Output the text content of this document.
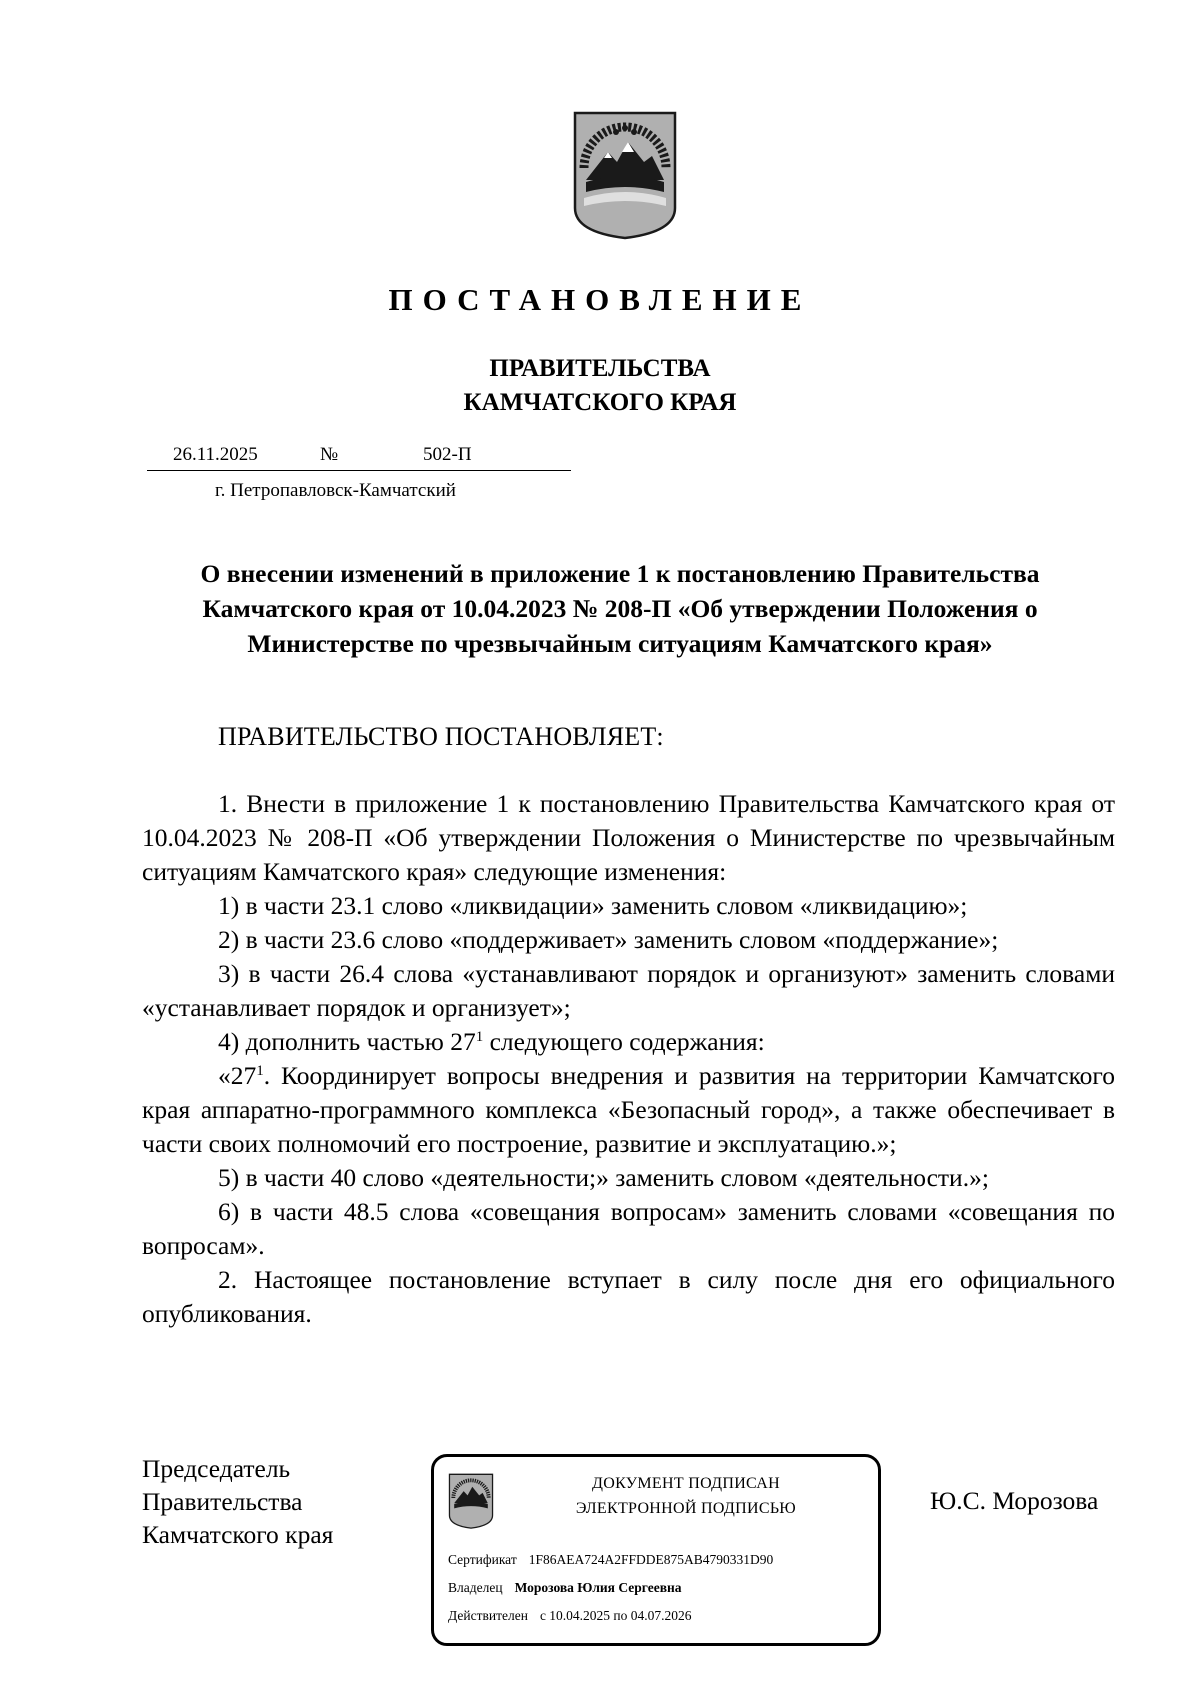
ПОСТАНОВЛЕНИЕ
ПРАВИТЕЛЬСТВА
КАМЧАТСКОГО КРАЯ
26.11.2025	№	502-П
г. Петропавловск-Камчатский
О внесении изменений в приложение 1 к постановлению Правительства Камчатского края от 10.04.2023 № 208-П «Об утверждении Положения о Министерстве по чрезвычайным ситуациям Камчатского края»
ПРАВИТЕЛЬСТВО ПОСТАНОВЛЯЕТ:

1. Внести в приложение 1 к постановлению Правительства Камчатского края от 10.04.2023 № 208-П «Об утверждении Положения о Министерстве по чрезвычайным ситуациям Камчатского края» следующие изменения:

1) в части 23.1 слово «ликвидации» заменить словом «ликвидацию»;

2) в части 23.6 слово «поддерживает» заменить словом «поддержание»;

3) в части 26.4 слова «устанавливают порядок и организуют» заменить словами «устанавливает порядок и организует»;

4) дополнить частью $27^1$ следующего содержания:

«$27^1$. Координирует вопросы внедрения и развития на территории Камчатского края аппаратно-программного комплекса «Безопасный город», а также обеспечивает в части своих полномочий его построение, развитие и эксплуатацию.»;

5) в части 40 слово «деятельности;» заменить словом «деятельности.»;

6) в части 48.5 слова «совещания вопросам» заменить словами «совещания по вопросам».

2. Настоящее постановление вступает в силу после дня его официального опубликования.

Председатель
Правительства
Камчатского края
ДОКУМЕНТ ПОДПИСАН
ЭЛЕКТРОННОЙ ПОДПИСЬЮ
Сертификат 1F86AEA724A2FFDDE875AB4790331D90
Владелец Морозова Юлия Сергеевна
Действителен с 10.04.2025 по 04.07.2026
Ю.С. Морозова
